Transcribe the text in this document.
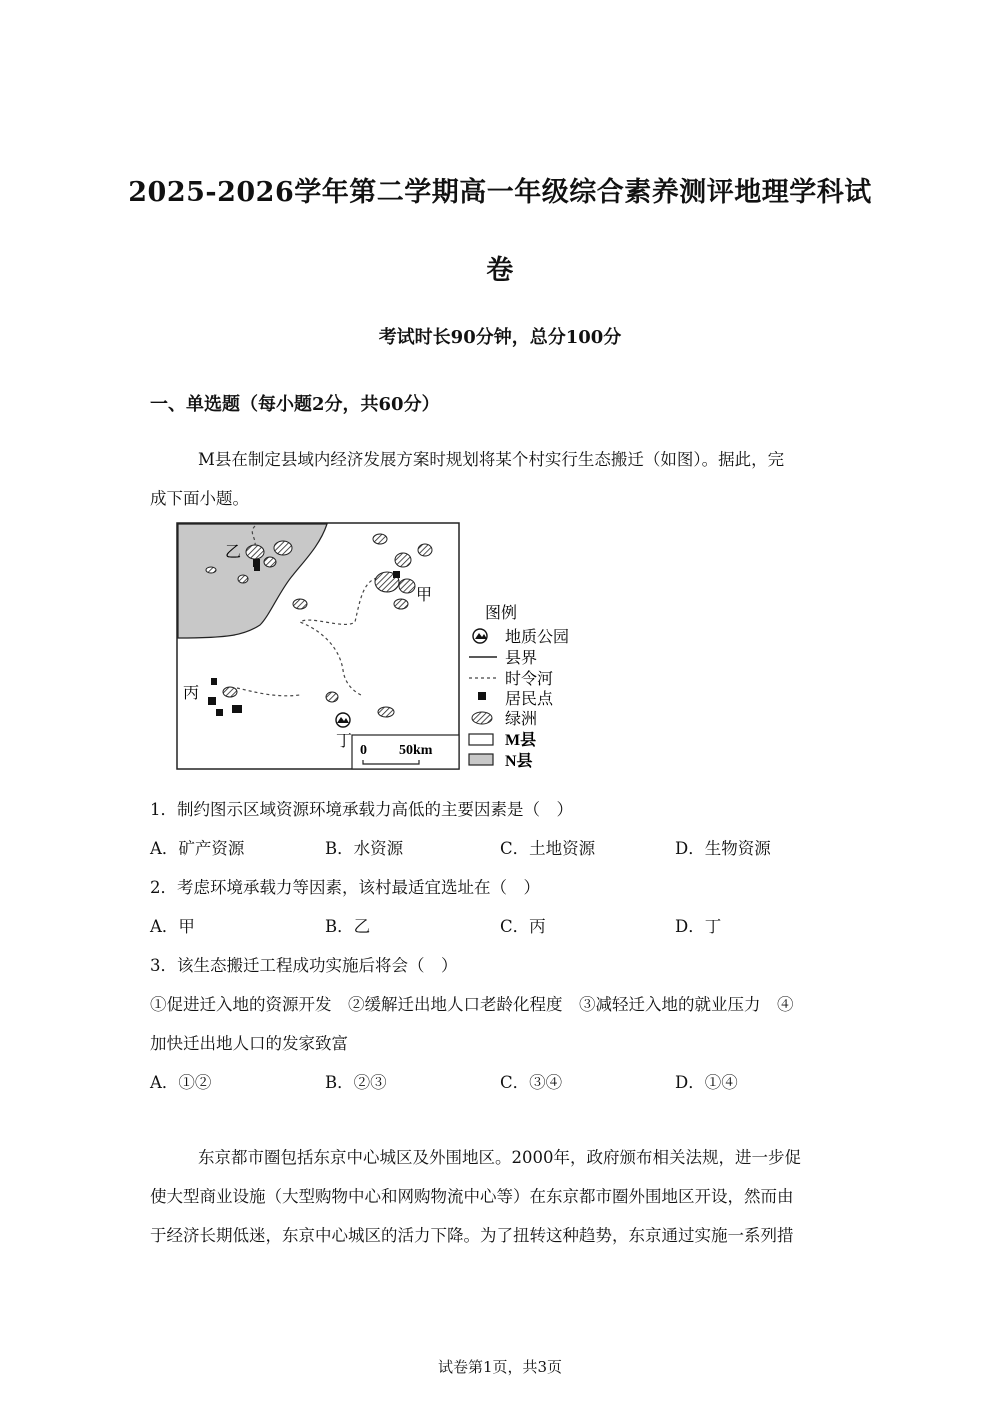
2025-2026学年第二学期高一年级综合素养测评地理学科试
卷
考试时长90分钟，总分100分
一、单选题（每小题2分，共60分）
M县在制定县域内经济发展方案时规划将某个村实行生态搬迁（如图）。据此，完
成下面小题。
乙
甲
丙
丁
0 50km
图例
地质公园
县界
时令河
居民点
绿洲
M县
N县
1．制约图示区域资源环境承载力高低的主要因素是（　）
A．矿产资源	B．水资源	C．土地资源	D．生物资源
2．考虑环境承载力等因素，该村最适宜选址在（　）
A．甲	B．乙	C．丙	D．丁
3．该生态搬迁工程成功实施后将会（　）
①促进迁入地的资源开发　②缓解迁出地人口老龄化程度　③减轻迁入地的就业压力　④
加快迁出地人口的发家致富
A．①②	B．②③	C．③④	D．①④
东京都市圈包括东京中心城区及外围地区。2000年，政府颁布相关法规，进一步促
使大型商业设施（大型购物中心和网购物流中心等）在东京都市圈外围地区开设，然而由
于经济长期低迷，东京中心城区的活力下降。为了扭转这种趋势，东京通过实施一系列措
试卷第1页，共3页
